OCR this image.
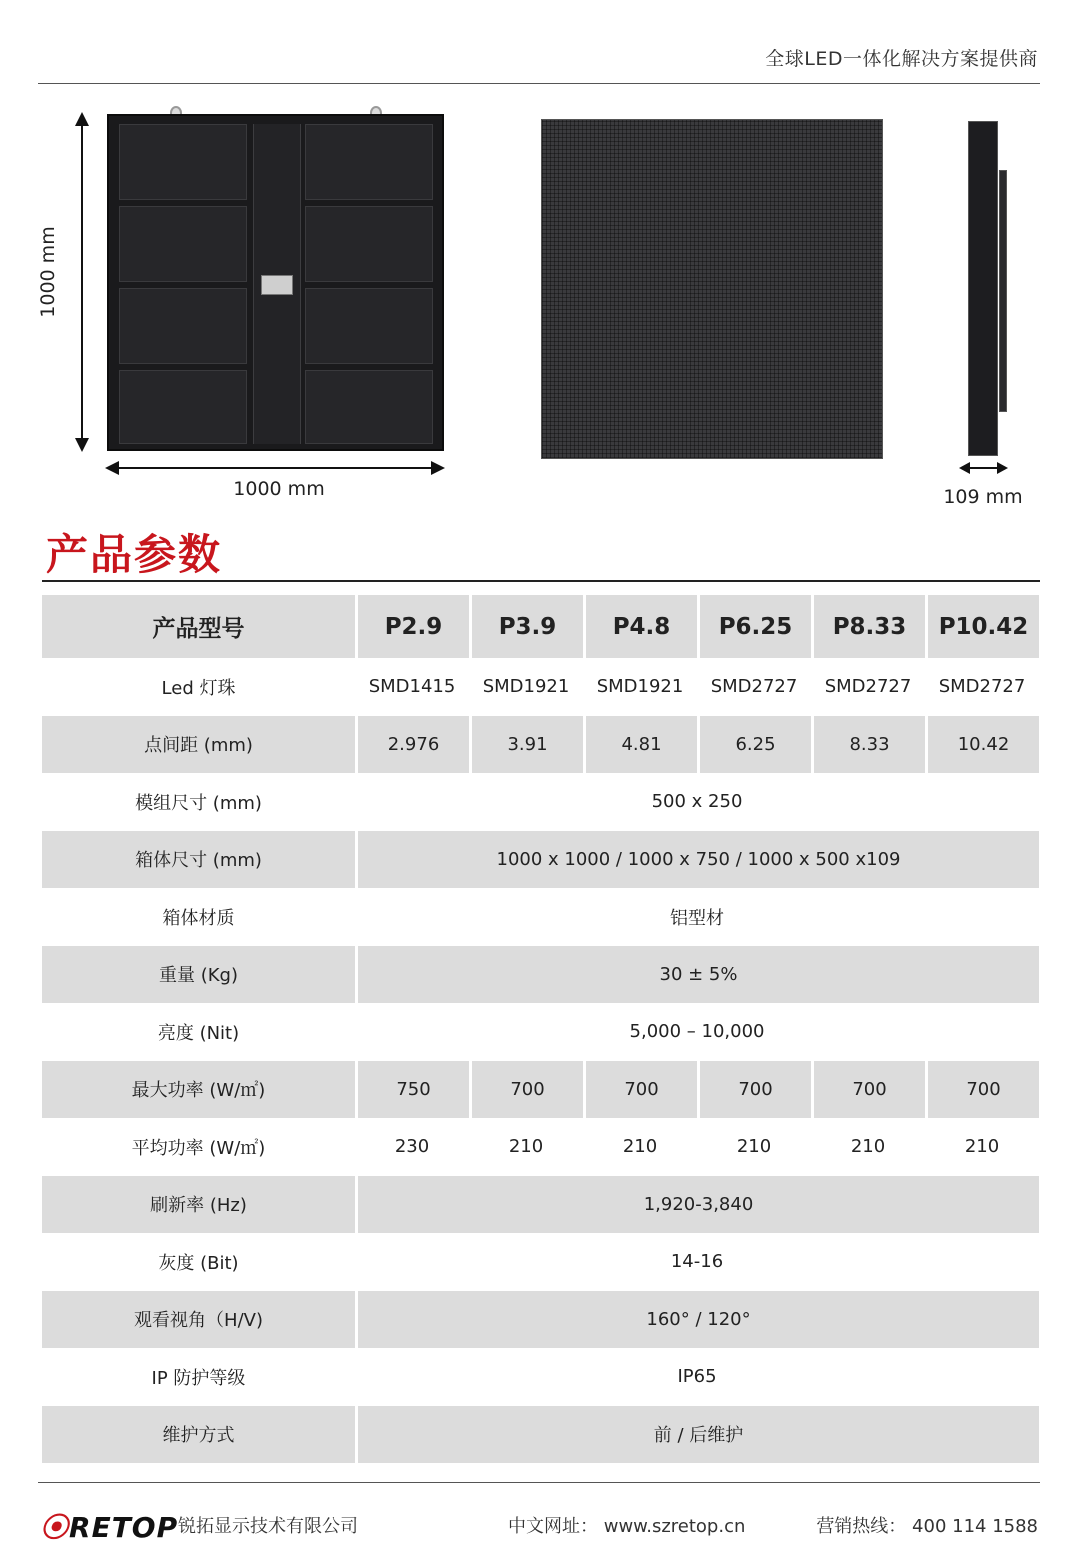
全球LED一体化解决方案提供商
1000 mm
1000 mm	109 mm
产品参数
产品型号	P2.9	P3.9	P4.8	P6.25	P8.33	P10.42
Led 灯珠	SMD1415	SMD1921	SMD1921	SMD2727	SMD2727	SMD2727
点间距 (mm)	2.976	3.91	4.81	6.25	8.33	10.42
模组尺寸 (mm)	500 x 250
箱体尺寸 (mm)	1000 x 1000 / 1000 x 750 / 1000 x 500 x109
箱体材质	铝型材
重量 (Kg)	30 ± 5%
亮度 (Nit)	5,000 – 10,000
最大功率 (W/㎡)	750	700	700	700	700	700
平均功率 (W/㎡)	230	210	210	210	210	210
刷新率 (Hz)	1,920-3,840
灰度 (Bit)	14-16
观看视角（H/V)	160° / 120°
IP 防护等级	IP65
维护方式	前 / 后维护
⦿RETOP 锐拓显示技术有限公司	中文网址： www.szretop.cn	营销热线： 400 114 1588
